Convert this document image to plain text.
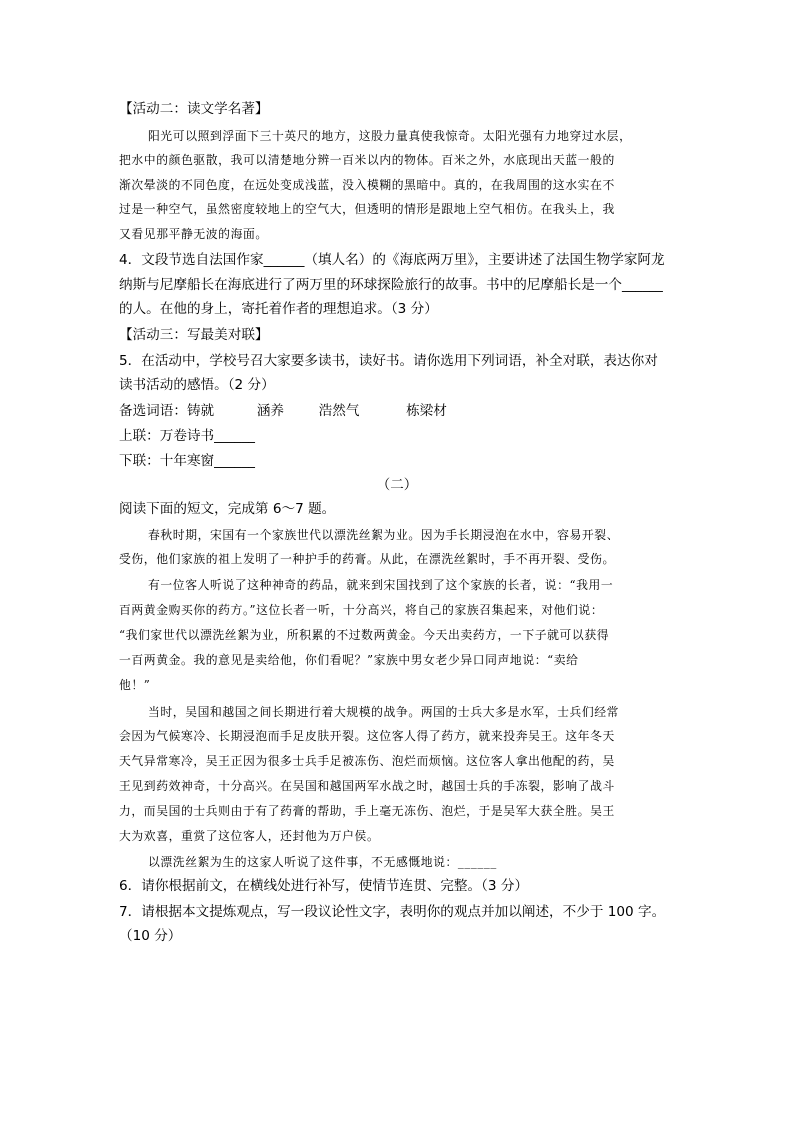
【活动二：读文学名著】
阳光可以照到浮面下三十英尺的地方，这股力量真使我惊奇。太阳光强有力地穿过水层，
把水中的颜色驱散，我可以清楚地分辨一百米以内的物体。百米之外，水底现出天蓝一般的
渐次晕淡的不同色度，在远处变成浅蓝，没入模糊的黑暗中。真的，在我周围的这水实在不
过是一种空气，虽然密度较地上的空气大，但透明的情形是跟地上空气相仿。在我头上，我
又看见那平静无波的海面。
4．文段节选自法国作家______（填人名）的《海底两万里》，主要讲述了法国生物学家阿龙
纳斯与尼摩船长在海底进行了两万里的环球探险旅行的故事。书中的尼摩船长是一个______
的人。在他的身上，寄托着作者的理想追求。（3 分）
【活动三：写最美对联】
5．在活动中，学校号召大家要多读书，读好书。请你选用下列词语，补全对联，表达你对
读书活动的感悟。（2 分）
备选词语：铸就	涵养	浩然气	栋梁材
上联：万卷诗书______
下联：十年寒窗______
（二）
阅读下面的短文，完成第 6～7 题。
春秋时期，宋国有一个家族世代以漂洗丝絮为业。因为手长期浸泡在水中，容易开裂、
受伤，他们家族的祖上发明了一种护手的药膏。从此，在漂洗丝絮时，手不再开裂、受伤。
有一位客人听说了这种神奇的药品，就来到宋国找到了这个家族的长者，说：“我用一
百两黄金购买你的药方。”这位长者一听，十分高兴，将自己的家族召集起来，对他们说：
“我们家世代以漂洗丝絮为业，所积累的不过数两黄金。今天出卖药方，一下子就可以获得
一百两黄金。我的意见是卖给他，你们看呢？”家族中男女老少异口同声地说：“卖给
他！”
当时，吴国和越国之间长期进行着大规模的战争。两国的士兵大多是水军，士兵们经常
会因为气候寒冷、长期浸泡而手足皮肤开裂。这位客人得了药方，就来投奔吴王。这年冬天
天气异常寒冷，吴王正因为很多士兵手足被冻伤、泡烂而烦恼。这位客人拿出他配的药，吴
王见到药效神奇，十分高兴。在吴国和越国两军水战之时，越国士兵的手冻裂，影响了战斗
力，而吴国的士兵则由于有了药膏的帮助，手上毫无冻伤、泡烂，于是吴军大获全胜。吴王
大为欢喜，重赏了这位客人，还封他为万户侯。
以漂洗丝絮为生的这家人听说了这件事，不无感慨地说：______
6．请你根据前文，在横线处进行补写，使情节连贯、完整。（3 分）
7．请根据本文提炼观点，写一段议论性文字，表明你的观点并加以阐述，不少于 100 字。
（10 分）
